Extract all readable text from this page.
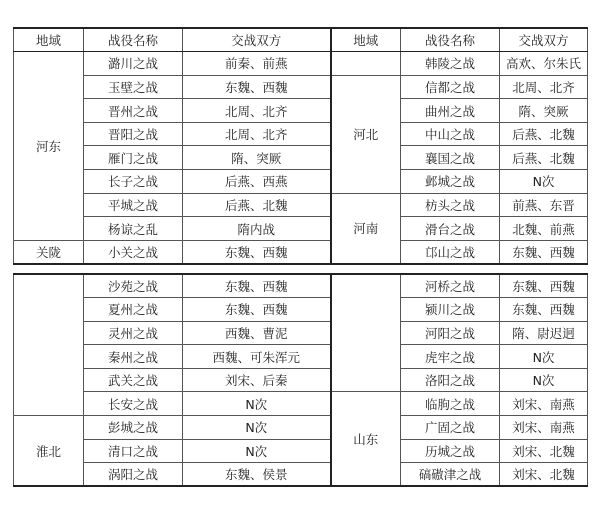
地域	战役名称	交战双方	地域	战役名称	交战双方
河东	潞川之战	前秦、前燕		韩陵之战	高欢、尔朱氏
	玉壁之战	东魏、西魏	河北	信都之战	北周、北齐
	晋州之战	北周、北齐		曲州之战	隋、突厥
	晋阳之战	北周、北齐		中山之战	后燕、北魏
	雁门之战	隋、突厥		襄国之战	后燕、北魏
	长子之战	后燕、西燕		邺城之战	N次
	平城之战	后燕、北魏	河南	枋头之战	前燕、东晋
	杨谅之乱	隋内战		滑台之战	北魏、前燕
关陇	小关之战	东魏、西魏		邙山之战	东魏、西魏
	沙苑之战	东魏、西魏		河桥之战	东魏、西魏
	夏州之战	东魏、西魏		颍川之战	东魏、西魏
	灵州之战	西魏、曹泥		河阳之战	隋、尉迟迥
	秦州之战	西魏、可朱浑元		虎牢之战	N次
	武关之战	刘宋、后秦		洛阳之战	N次
	长安之战	N次	山东	临朐之战	刘宋、南燕
淮北	彭城之战	N次		广固之战	刘宋、南燕
	清口之战	N次		历城之战	刘宋、北魏
	涡阳之战	东魏、侯景		碻磝津之战	刘宋、北魏
